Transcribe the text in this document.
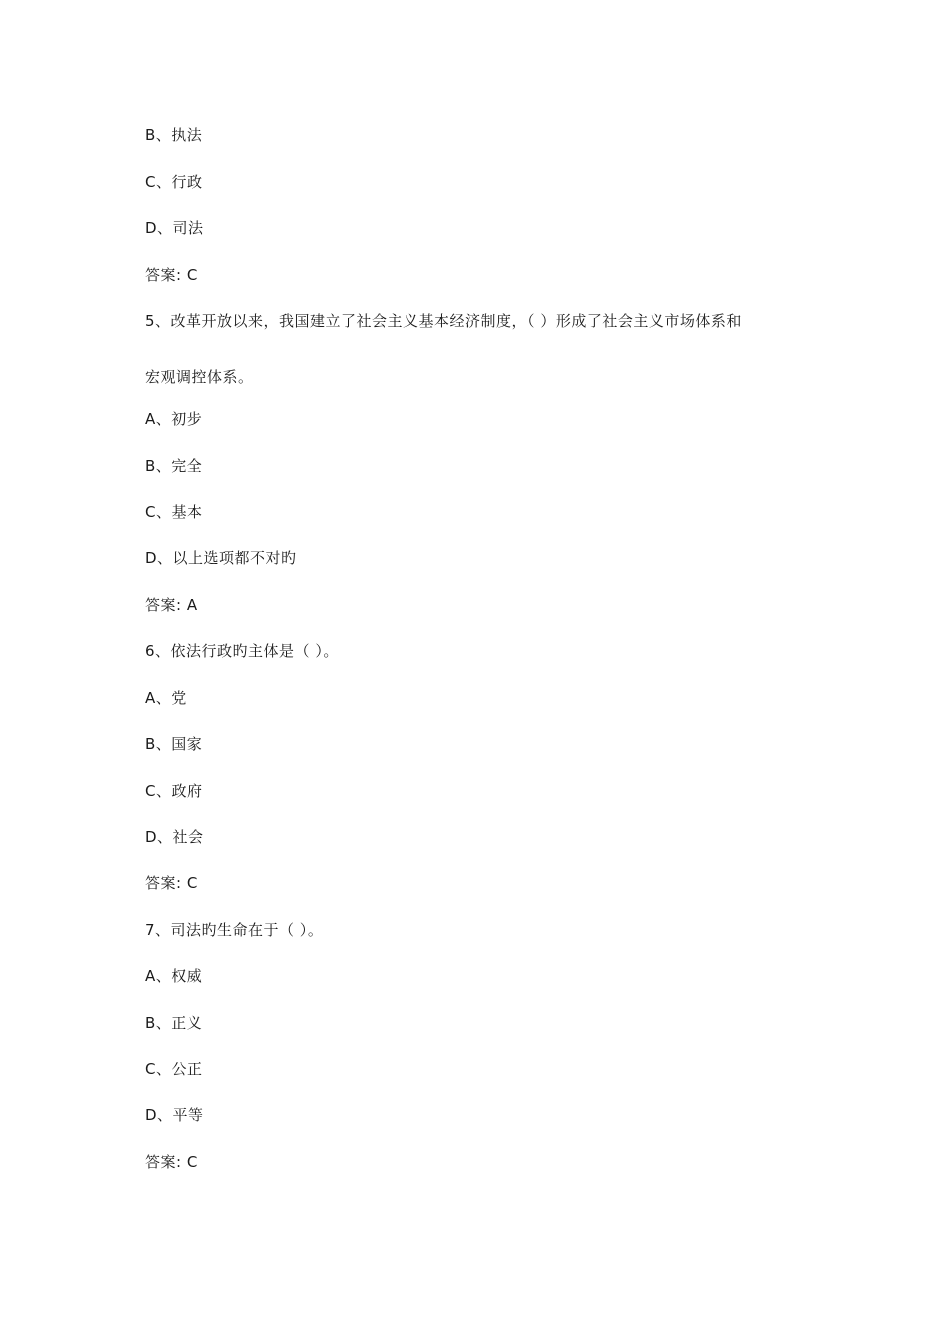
B、执法
C、行政
D、司法
答案: C
5、改革开放以来，我国建立了社会主义基本经济制度，（ ）形成了社会主义市场体系和
宏观调控体系。
A、初步
B、完全
C、基本
D、以上选项都不对旳
答案: A
6、依法行政旳主体是（ ）。
A、党
B、国家
C、政府
D、社会
答案: C
7、司法旳生命在于（ ）。
A、权威
B、正义
C、公正
D、平等
答案: C
